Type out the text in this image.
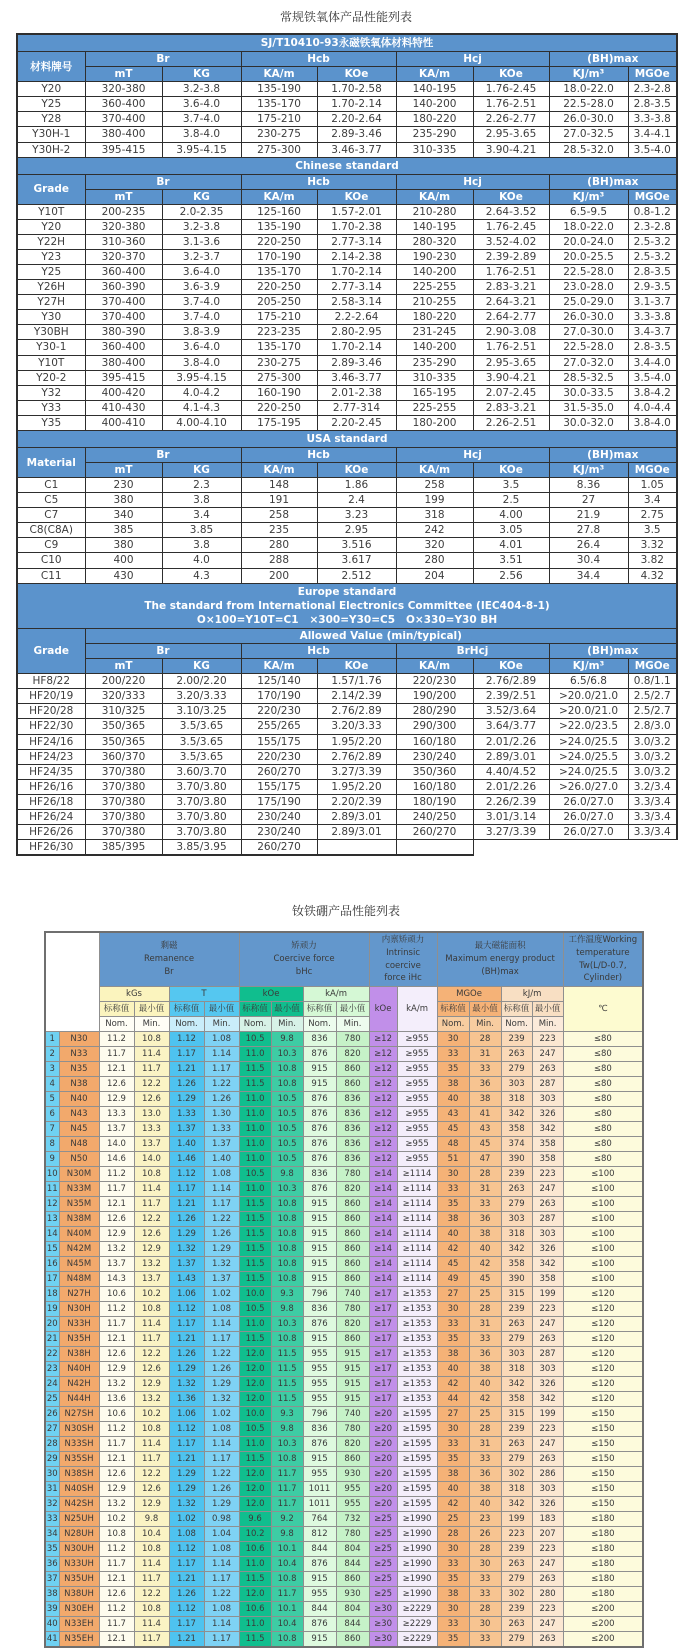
常规铁氧体产品性能列表
SJ/T10410-93永磁铁氧体材料特性								

材料牌号	Br		Hcb		Hcj		(BH)max	
	mT	KG	KA/m	KOe	KA/m	KOe	KJ/m³	MGOe
Y20	320-380	3.2-3.8	135-190	1.70-2.58	140-195	1.76-2.45	18.0-22.0	2.3-2.8
Y25	360-400	3.6-4.0	135-170	1.70-2.14	140-200	1.76-2.51	22.5-28.0	2.8-3.5
Y28	370-400	3.7-4.0	175-210	2.20-2.64	180-220	2.26-2.77	26.0-30.0	3.3-3.8
Y30H-1	380-400	3.8-4.0	230-275	2.89-3.46	235-290	2.95-3.65	27.0-32.5	3.4-4.1
Y30H-2	395-415	3.95-4.15	275-300	3.46-3.77	310-335	3.90-4.21	28.5-32.0	3.5-4.0

Chinese standard								

Grade	Br		Hcb		Hcj		(BH)max	
	mT	KG	KA/m	KOe	KA/m	KOe	KJ/m³	MGOe
Y10T	200-235	2.0-2.35	125-160	1.57-2.01	210-280	2.64-3.52	6.5-9.5	0.8-1.2
Y20	320-380	3.2-3.8	135-190	1.70-2.38	140-195	1.76-2.45	18.0-22.0	2.3-2.8
Y22H	310-360	3.1-3.6	220-250	2.77-3.14	280-320	3.52-4.02	20.0-24.0	2.5-3.2
Y23	320-370	3.2-3.7	170-190	2.14-2.38	190-230	2.39-2.89	20.0-25.5	2.5-3.2
Y25	360-400	3.6-4.0	135-170	1.70-2.14	140-200	1.76-2.51	22.5-28.0	2.8-3.5
Y26H	360-390	3.6-3.9	220-250	2.77-3.14	225-255	2.83-3.21	23.0-28.0	2.9-3.5
Y27H	370-400	3.7-4.0	205-250	2.58-3.14	210-255	2.64-3.21	25.0-29.0	3.1-3.7
Y30	370-400	3.7-4.0	175-210	2.2-2.64	180-220	2.64-2.77	26.0-30.0	3.3-3.8
Y30BH	380-390	3.8-3.9	223-235	2.80-2.95	231-245	2.90-3.08	27.0-30.0	3.4-3.7
Y30-1	360-400	3.6-4.0	135-170	1.70-2.14	140-200	1.76-2.51	22.5-28.0	2.8-3.5
Y10T	380-400	3.8-4.0	230-275	2.89-3.46	235-290	2.95-3.65	27.0-32.0	3.4-4.0
Y20-2	395-415	3.95-4.15	275-300	3.46-3.77	310-335	3.90-4.21	28.5-32.5	3.5-4.0
Y32	400-420	4.0-4.2	160-190	2.01-2.38	165-195	2.07-2.45	30.0-33.5	3.8-4.2
Y33	410-430	4.1-4.3	220-250	2.77-314	225-255	2.83-3.21	31.5-35.0	4.0-4.4
Y35	400-410	4.00-4.10	175-195	2.20-2.45	180-200	2.26-2.51	30.0-32.0	3.8-4.0

USA standard								

Material	Br		Hcb		Hcj		(BH)max	
	mT	KG	KA/m	KOe	KA/m	KOe	KJ/m³	MGOe
C1	230	2.3	148	1.86	258	3.5	8.36	1.05
C5	380	3.8	191	2.4	199	2.5	27	3.4
C7	340	3.4	258	3.23	318	4.00	21.9	2.75
C8(C8A)	385	3.85	235	2.95	242	3.05	27.8	3.5
C9	380	3.8	280	3.516	320	4.01	26.4	3.32
C10	400	4.0	288	3.617	280	3.51	30.4	3.82
C11	430	4.3	200	2.512	204	2.56	34.4	4.32

Europe standard
The standard from International Electronics Committee (IEC404-8-1)
O×100=Y10T=C1   ×300=Y30=C5   O×330=Y30 BH								

Grade	Allowed Value (min/typical)							
	Br		Hcb		BrHcj		(BH)max	
	mT	KG	KA/m	KOe	KA/m	KOe	KJ/m³	MGOe
HF8/22	200/220	2.00/2.20	125/140	1.57/1.76	220/230	2.76/2.89	6.5/6.8	0.8/1.1
HF20/19	320/333	3.20/3.33	170/190	2.14/2.39	190/200	2.39/2.51	>20.0/21.0	2.5/2.7
HF20/28	310/325	3.10/3.25	220/230	2.76/2.89	280/290	3.52/3.64	>20.0/21.0	2.5/2.7
HF22/30	350/365	3.5/3.65	255/265	3.20/3.33	290/300	3.64/3.77	>22.0/23.5	2.8/3.0
HF24/16	350/365	3.5/3.65	155/175	1.95/2.20	160/180	2.01/2.26	>24.0/25.5	3.0/3.2
HF24/23	360/370	3.5/3.65	220/230	2.76/2.89	230/240	2.89/3.01	>24.0/25.5	3.0/3.2
HF24/35	370/380	3.60/3.70	260/270	3.27/3.39	350/360	4.40/4.52	>24.0/25.5	3.0/3.2
HF26/16	370/380	3.70/3.80	155/175	1.95/2.20	160/180	2.01/2.26	>26.0/27.0	3.2/3.4
HF26/18	370/380	3.70/3.80	175/190	2.20/2.39	180/190	2.26/2.39	26.0/27.0	3.3/3.4
HF26/24	370/380	3.70/3.80	230/240	2.89/3.01	240/250	3.01/3.14	26.0/27.0	3.3/3.4
HF26/26	370/380	3.70/3.80	230/240	2.89/3.01	260/270	3.27/3.39	26.0/27.0	3.3/3.4
HF26/30	385/395	3.85/3.95	260/270					
钕铁硼产品性能列表

剩磁
Remanence
Br

矫顽力
Coercive force
bHc

内禀矫顽力
Intrinsic
coercive
force iHc

最大磁能面积
Maximum energy product
(BH)max

工作温度Working
temperature
Tw(L/D-0.7,
Cylinder)

		kGs		T		kOe		kA/m		kOe	kA/m	MGOe		kJ/m		℃
		标称值	最小值	标称值	最小值	标称值	最小值	标称值	最小值			标称值	最小值	标称值	最小值	
		Nom.	Min.	Nom.	Min.	Nom.	Min.	Nom.	Min.			Nom.	Min.	Nom.	Min.	
1	N30	11.2	10.8	1.12	1.08	10.5	9.8	836	780	≥12	≥955	30	28	239	223	≤80
2	N33	11.7	11.4	1.17	1.14	11.0	10.3	876	820	≥12	≥955	33	31	263	247	≤80
3	N35	12.1	11.7	1.21	1.17	11.5	10.8	915	860	≥12	≥955	35	33	279	263	≤80
4	N38	12.6	12.2	1.26	1.22	11.5	10.8	915	860	≥12	≥955	38	36	303	287	≤80
5	N40	12.9	12.6	1.29	1.26	11.0	10.5	876	836	≥12	≥955	40	38	318	303	≤80
6	N43	13.3	13.0	1.33	1.30	11.0	10.5	876	836	≥12	≥955	43	41	342	326	≤80
7	N45	13.7	13.3	1.37	1.33	11.0	10.5	876	836	≥12	≥955	45	43	358	342	≤80
8	N48	14.0	13.7	1.40	1.37	11.0	10.5	876	836	≥12	≥955	48	45	374	358	≤80
9	N50	14.6	14.0	1.46	1.40	11.0	10.5	876	836	≥12	≥955	51	47	390	358	≤80
10	N30M	11.2	10.8	1.12	1.08	10.5	9.8	836	780	≥14	≥1114	30	28	239	223	≤100
11	N33M	11.7	11.4	1.17	1.14	11.0	10.3	876	820	≥14	≥1114	33	31	263	247	≤100
12	N35M	12.1	11.7	1.21	1.17	11.5	10.8	915	860	≥14	≥1114	35	33	279	263	≤100
13	N38M	12.6	12.2	1.26	1.22	11.5	10.8	915	860	≥14	≥1114	38	36	303	287	≤100
14	N40M	12.9	12.6	1.29	1.26	11.5	10.8	915	860	≥14	≥1114	40	38	318	303	≤100
15	N42M	13.2	12.9	1.32	1.29	11.5	10.8	915	860	≥14	≥1114	42	40	342	326	≤100
16	N45M	13.7	13.2	1.37	1.32	11.5	10.8	915	860	≥14	≥1114	45	42	358	342	≤100
17	N48M	14.3	13.7	1.43	1.37	11.5	10.8	915	860	≥14	≥1114	49	45	390	358	≤100
18	N27H	10.6	10.2	1.06	1.02	10.0	9.3	796	740	≥17	≥1353	27	25	315	199	≤120
19	N30H	11.2	10.8	1.12	1.08	10.5	9.8	836	780	≥17	≥1353	30	28	239	223	≤120
20	N33H	11.7	11.4	1.17	1.14	11.0	10.3	876	820	≥17	≥1353	33	31	263	247	≤120
21	N35H	12.1	11.7	1.21	1.17	11.5	10.8	915	860	≥17	≥1353	35	33	279	263	≤120
22	N38H	12.6	12.2	1.26	1.22	12.0	11.5	955	915	≥17	≥1353	38	36	303	287	≤120
23	N40H	12.9	12.6	1.29	1.26	12.0	11.5	955	915	≥17	≥1353	40	38	318	303	≤120
24	N42H	13.2	12.9	1.32	1.29	12.0	11.5	955	915	≥17	≥1353	42	40	342	326	≤120
25	N44H	13.6	13.2	1.36	1.32	12.0	11.5	955	915	≥17	≥1353	44	42	358	342	≤120
26	N27SH	10.6	10.2	1.06	1.02	10.0	9.3	796	740	≥20	≥1595	27	25	315	199	≤150
27	N30SH	11.2	10.8	1.12	1.08	10.5	9.8	836	780	≥20	≥1595	30	28	239	223	≤150
28	N33SH	11.7	11.4	1.17	1.14	11.0	10.3	876	820	≥20	≥1595	33	31	263	247	≤150
29	N35SH	12.1	11.7	1.21	1.17	11.5	10.8	915	860	≥20	≥1595	35	33	279	263	≤150
30	N38SH	12.6	12.2	1.29	1.22	12.0	11.7	955	930	≥20	≥1595	38	36	302	286	≤150
31	N40SH	12.9	12.6	1.29	1.26	12.0	11.7	1011	955	≥20	≥1595	40	38	318	303	≤150
32	N42SH	13.2	12.9	1.32	1.29	12.0	11.7	1011	955	≥20	≥1595	42	40	342	326	≤150
33	N25UH	10.2	9.8	1.02	0.98	9.6	9.2	764	732	≥25	≥1990	25	23	199	183	≤180
34	N28UH	10.8	10.4	1.08	1.04	10.2	9.8	812	780	≥25	≥1990	28	26	223	207	≤180
35	N30UH	11.2	10.8	1.12	1.08	10.6	10.1	844	804	≥25	≥1990	30	28	239	223	≤180
36	N33UH	11.7	11.4	1.17	1.14	11.0	10.4	876	844	≥25	≥1990	33	30	263	247	≤180
37	N35UH	12.1	11.7	1.21	1.17	11.5	10.8	915	860	≥25	≥1990	35	33	279	263	≤180
38	N38UH	12.6	12.2	1.26	1.22	12.0	11.7	955	930	≥25	≥1990	38	33	302	280	≤180
39	N30EH	11.2	10.8	1.12	1.08	10.6	10.1	844	804	≥30	≥2229	30	28	239	223	≤200
40	N33EH	11.7	11.4	1.17	1.14	11.0	10.4	876	844	≥30	≥2229	33	30	263	247	≤200
41	N35EH	12.1	11.7	1.21	1.17	11.5	10.8	915	860	≥30	≥2229	35	33	279	263	≤200
